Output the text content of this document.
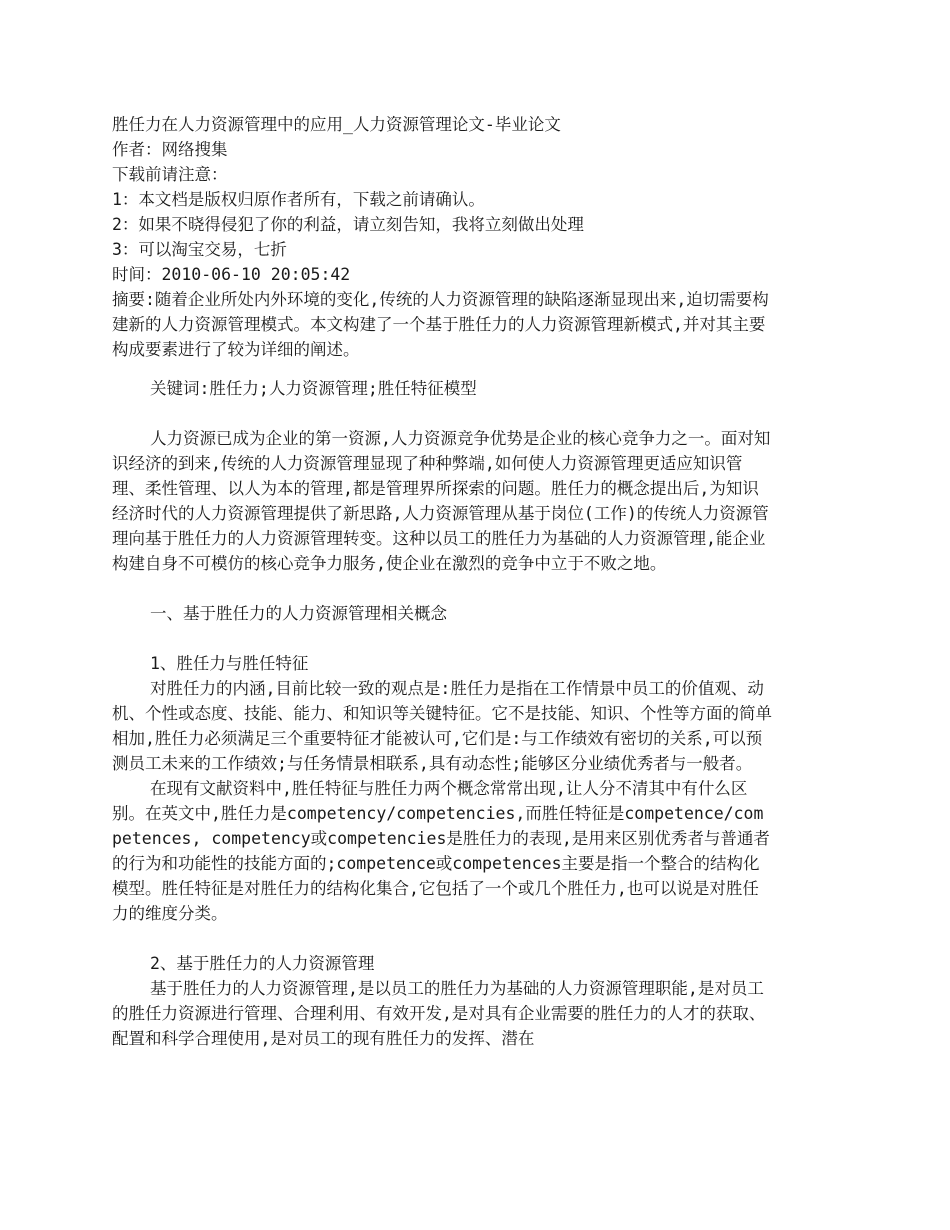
胜任力在人力资源管理中的应用_人力资源管理论文-毕业论文
作者：网络搜集
下载前请注意：
1：本文档是版权归原作者所有，下载之前请确认。
2：如果不晓得侵犯了你的利益，请立刻告知，我将立刻做出处理
3：可以淘宝交易，七折
时间：2010-06-10 20:05:42

摘要:随着企业所处内外环境的变化,传统的人力资源管理的缺陷逐渐显现出来,迫切需要构建新的人力资源管理模式。本文构建了一个基于胜任力的人力资源管理新模式,并对其主要构成要素进行了较为详细的阐述。

关键词:胜任力;人力资源管理;胜任特征模型

人力资源已成为企业的第一资源,人力资源竞争优势是企业的核心竞争力之一。面对知识经济的到来,传统的人力资源管理显现了种种弊端,如何使人力资源管理更适应知识管理、柔性管理、以人为本的管理,都是管理界所探索的问题。胜任力的概念提出后,为知识经济时代的人力资源管理提供了新思路,人力资源管理从基于岗位(工作)的传统人力资源管理向基于胜任力的人力资源管理转变。这种以员工的胜任力为基础的人力资源管理,能企业构建自身不可模仿的核心竞争力服务,使企业在激烈的竞争中立于不败之地。

一、基于胜任力的人力资源管理相关概念
1、胜任力与胜任特征

对胜任力的内涵,目前比较一致的观点是:胜任力是指在工作情景中员工的价值观、动机、个性或态度、技能、能力、和知识等关键特征。它不是技能、知识、个性等方面的简单相加,胜任力必须满足三个重要特征才能被认可,它们是:与工作绩效有密切的关系,可以预测员工未来的工作绩效;与任务情景相联系,具有动态性;能够区分业绩优秀者与一般者。

在现有文献资料中,胜任特征与胜任力两个概念常常出现,让人分不清其中有什么区别。在英文中,胜任力是competency/competencies,而胜任特征是competence/competences, competency或competencies是胜任力的表现,是用来区别优秀者与普通者的行为和功能性的技能方面的;competence或competences主要是指一个整合的结构化模型。胜任特征是对胜任力的结构化集合,它包括了一个或几个胜任力,也可以说是对胜任力的维度分类。

2、基于胜任力的人力资源管理

基于胜任力的人力资源管理,是以员工的胜任力为基础的人力资源管理职能,是对员工的胜任力资源进行管理、合理利用、有效开发,是对具有企业需要的胜任力的人才的获取、配置和科学合理使用,是对员工的现有胜任力的发挥、潜在
